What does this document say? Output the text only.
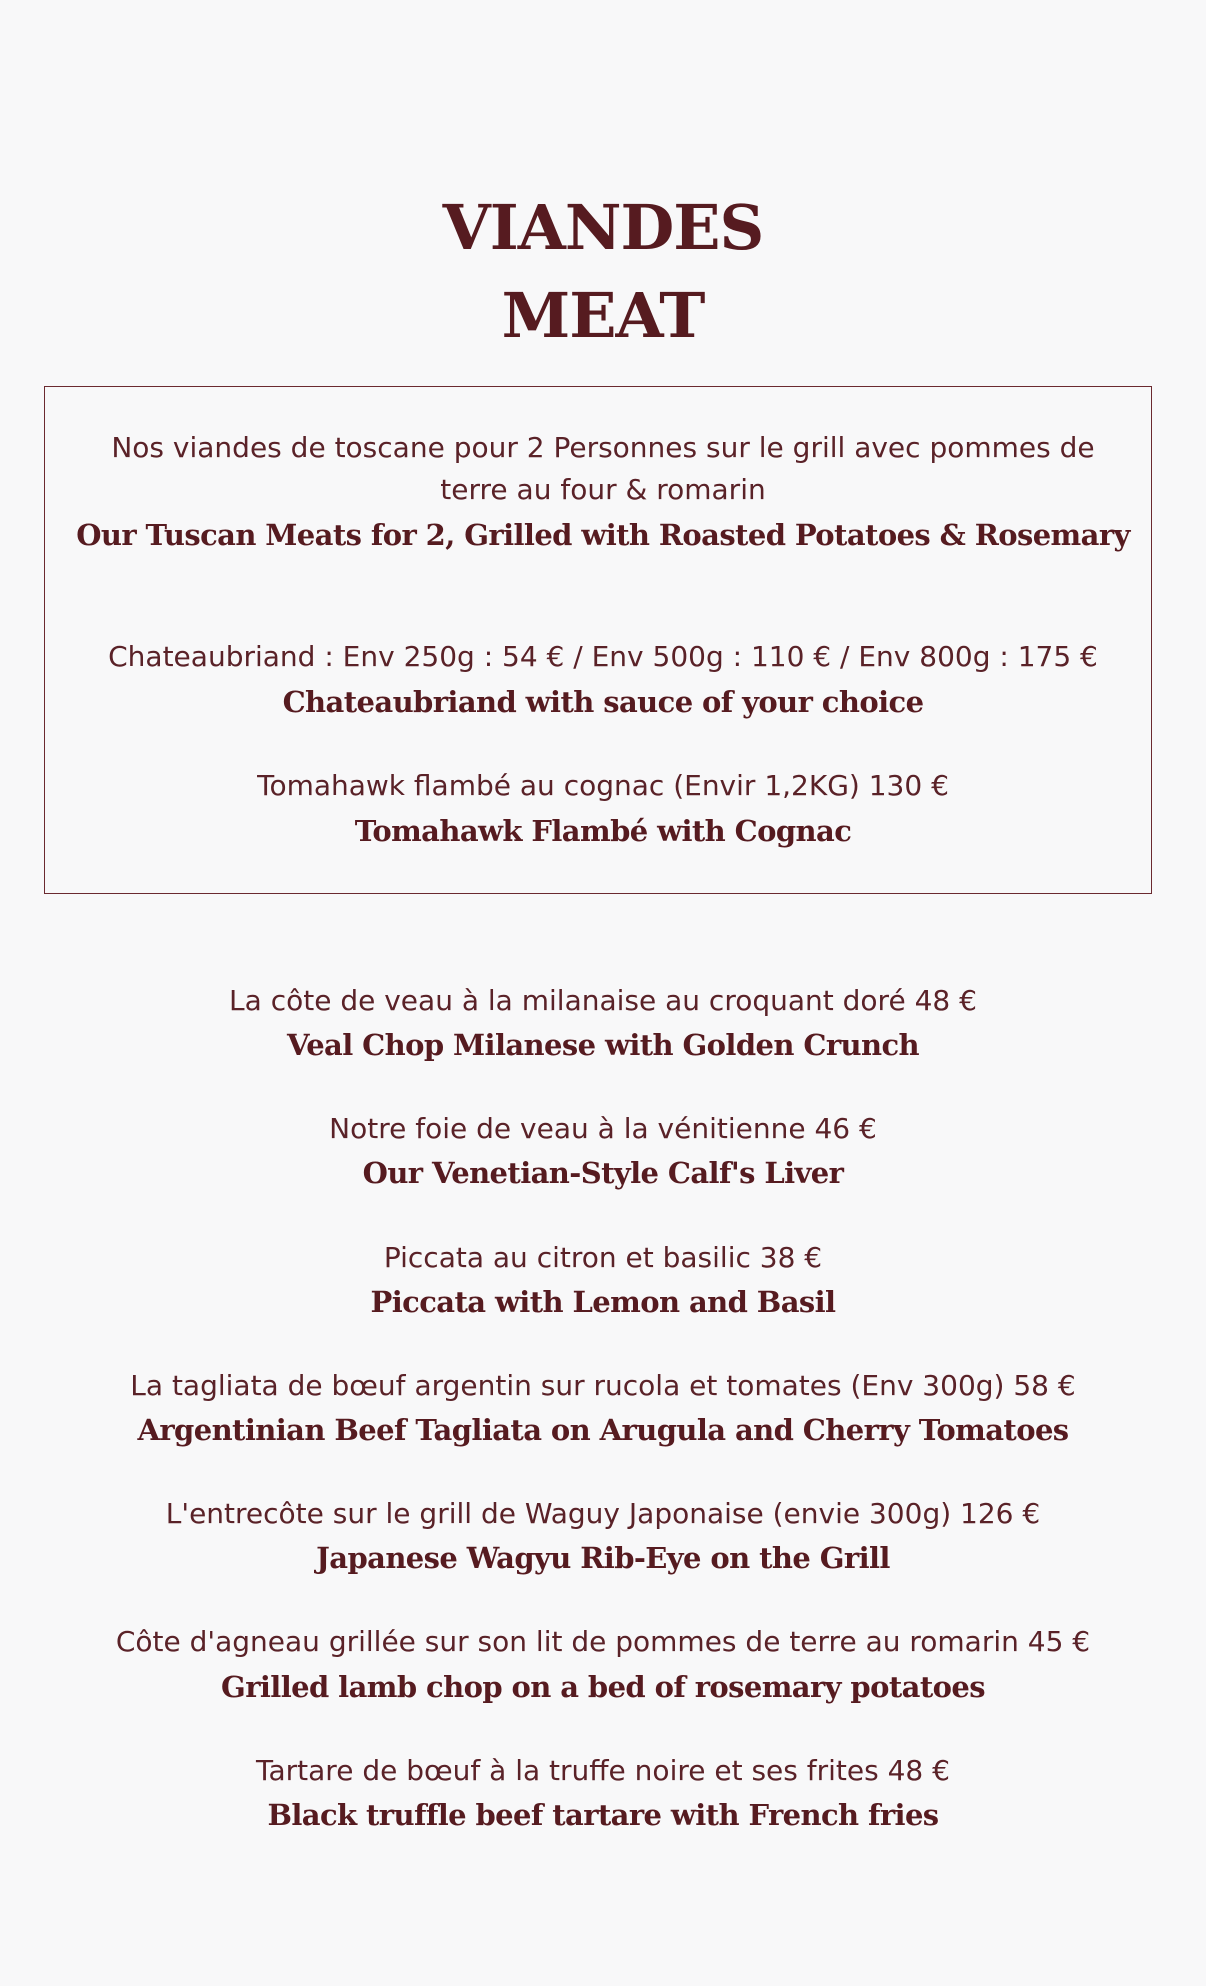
VIANDES
MEAT
Nos viandes de toscane pour 2 Personnes sur le grill avec pommes de terre au four & romarin
Our Tuscan Meats for 2, Grilled with Roasted Potatoes & Rosemary
Chateaubriand : Env 250g : 54 € / Env 500g : 110 € / Env 800g : 175 €
Chateaubriand with sauce of your choice
Tomahawk flambé au cognac (Envir 1,2KG) 130 €
Tomahawk Flambé with Cognac
La côte de veau à la milanaise au croquant doré 48 €
Veal Chop Milanese with Golden Crunch
Notre foie de veau à la vénitienne 46 €
Our Venetian-Style Calf's Liver
Piccata au citron et basilic 38 €
Piccata with Lemon and Basil
La tagliata de bœuf argentin sur rucola et tomates (Env 300g) 58 €
Argentinian Beef Tagliata on Arugula and Cherry Tomatoes
L'entrecôte sur le grill de Waguy Japonaise (envie 300g) 126 €
Japanese Wagyu Rib-Eye on the Grill
Côte d'agneau grillée sur son lit de pommes de terre au romarin 45 €
Grilled lamb chop on a bed of rosemary potatoes
Tartare de bœuf à la truffe noire et ses frites 48 €
Black truffle beef tartare with French fries
